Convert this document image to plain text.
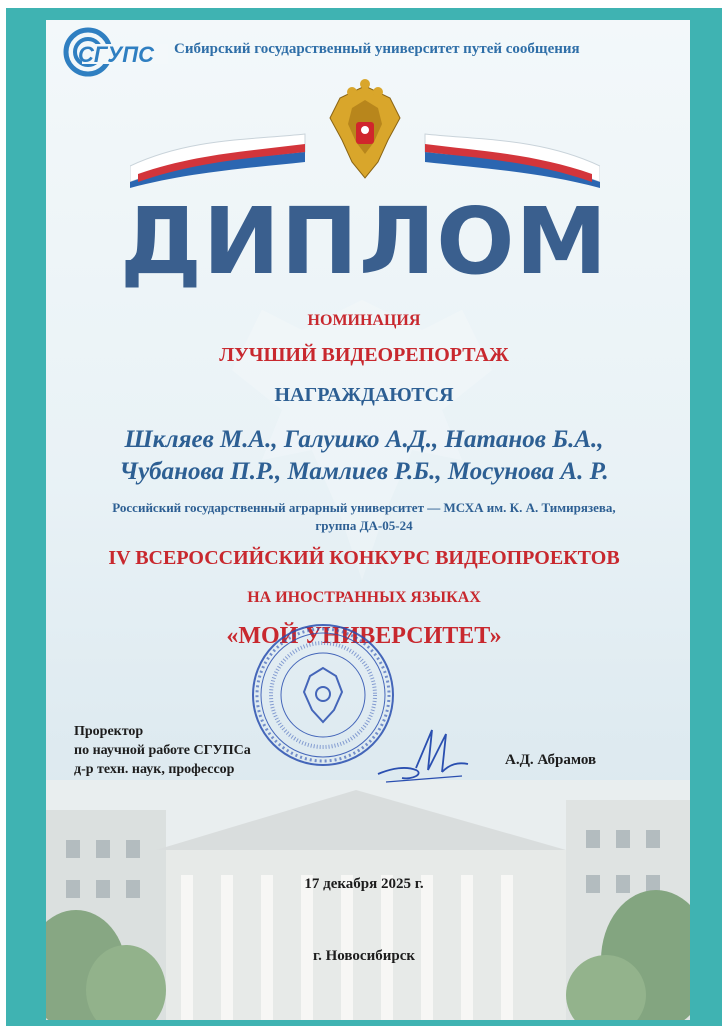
СГУПС Сибирский государственный университет путей сообщения
ДИПЛОМ
НОМИНАЦИЯ
ЛУЧШИЙ ВИДЕОРЕПОРТАЖ
НАГРАЖДАЮТСЯ
Шкляев М.А., Галушко А.Д., Натанов Б.А.,
Чубанова П.Р., Мамлиев Р.Б., Мосунова А. Р.
Российский государственный аграрный университет — МСХА им. К. А. Тимирязева,
группа ДА-05-24
IV ВСЕРОССИЙСКИЙ КОНКУРС ВИДЕОПРОЕКТОВ
НА ИНОСТРАННЫХ ЯЗЫКАХ
«МОЙ УНИВЕРСИТЕТ»
Проректор
по научной работе СГУПСа
д-р техн. наук, профессор
А.Д. Абрамов
17 декабря 2025 г.
г. Новосибирск
